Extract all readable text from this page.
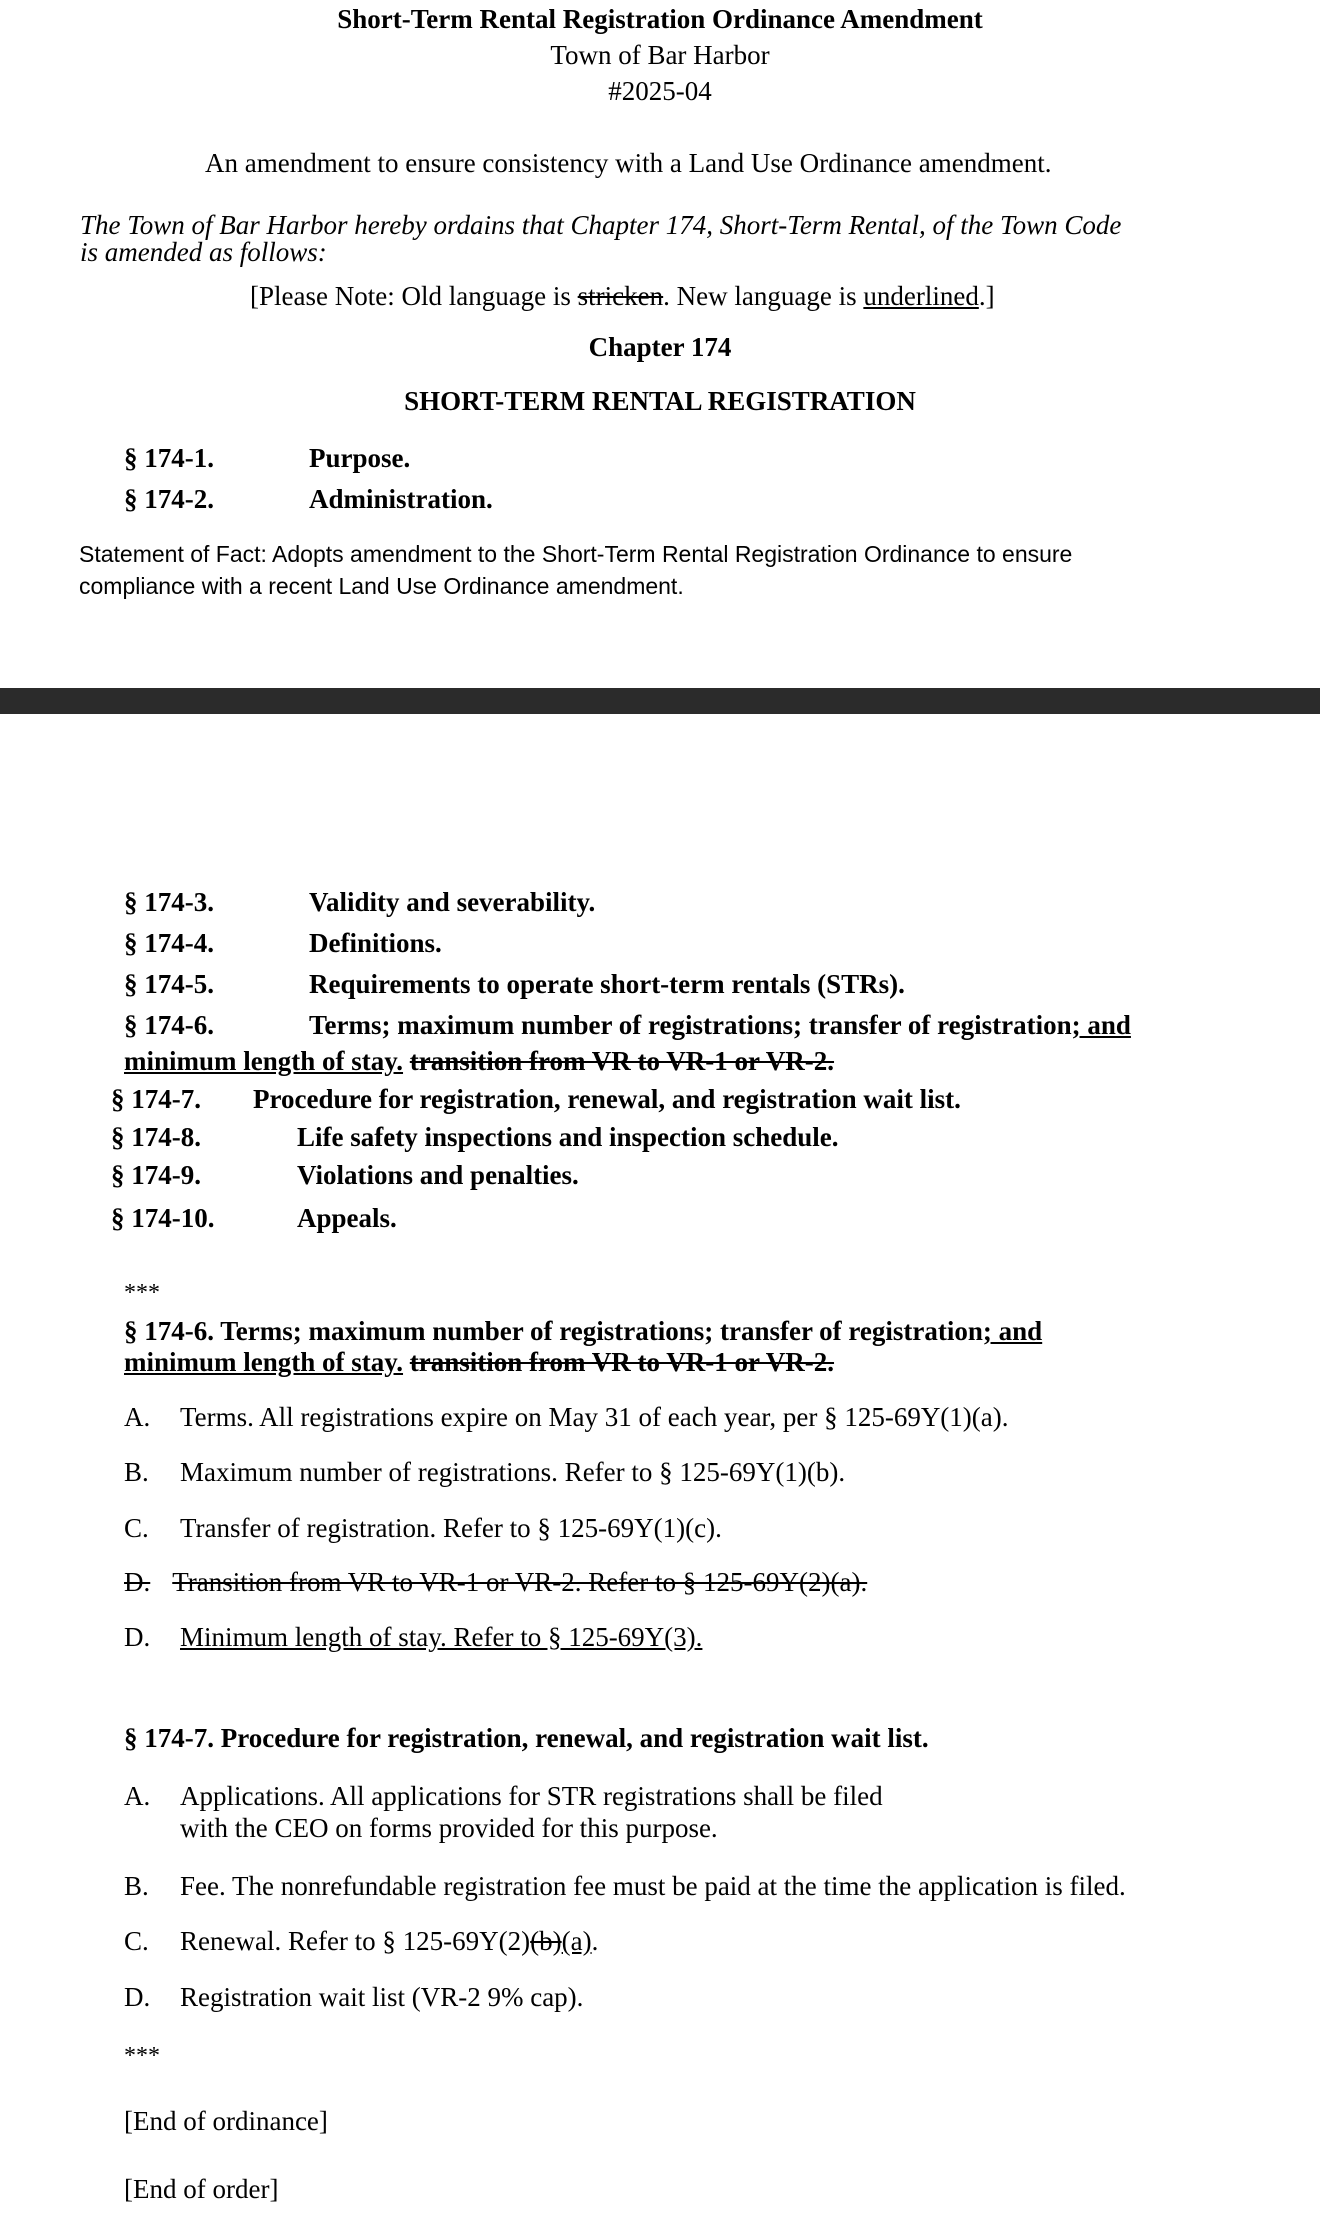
Short-Term Rental Registration Ordinance Amendment
Town of Bar Harbor
#2025-04
An amendment to ensure consistency with a Land Use Ordinance amendment.
The Town of Bar Harbor hereby ordains that Chapter 174, Short-Term Rental, of the Town Code
is amended as follows:
[Please Note: Old language is stricken. New language is underlined.]
Chapter 174
SHORT-TERM RENTAL REGISTRATION
§ 174-1.	Purpose.
§ 174-2.	Administration.
Statement of Fact: Adopts amendment to the Short-Term Rental Registration Ordinance to ensure
compliance with a recent Land Use Ordinance amendment.
§ 174-3.	Validity and severability.
§ 174-4.	Definitions.
§ 174-5.	Requirements to operate short-term rentals (STRs).
§ 174-6.	Terms; maximum number of registrations; transfer of registration; and
minimum length of stay. transition from VR to VR-1 or VR-2.
§ 174-7. Procedure for registration, renewal, and registration wait list.
§ 174-8.	Life safety inspections and inspection schedule.
§ 174-9.	Violations and penalties.
§ 174-10.	Appeals.
***
§ 174-6. Terms; maximum number of registrations; transfer of registration; and
minimum length of stay. transition from VR to VR-1 or VR-2.
A. Terms. All registrations expire on May 31 of each year, per § 125-69Y(1)(a).
B. Maximum number of registrations. Refer to § 125-69Y(1)(b).
C. Transfer of registration. Refer to § 125-69Y(1)(c).
D. Transition from VR to VR-1 or VR-2. Refer to § 125-69Y(2)(a).
D. Minimum length of stay. Refer to § 125-69Y(3).
§ 174-7. Procedure for registration, renewal, and registration wait list.
A. Applications. All applications for STR registrations shall be filed
with the CEO on forms provided for this purpose.
B. Fee. The nonrefundable registration fee must be paid at the time the application is filed.
C. Renewal. Refer to § 125-69Y(2)(b)(a).
D. Registration wait list (VR-2 9% cap).
***
[End of ordinance]
[End of order]
